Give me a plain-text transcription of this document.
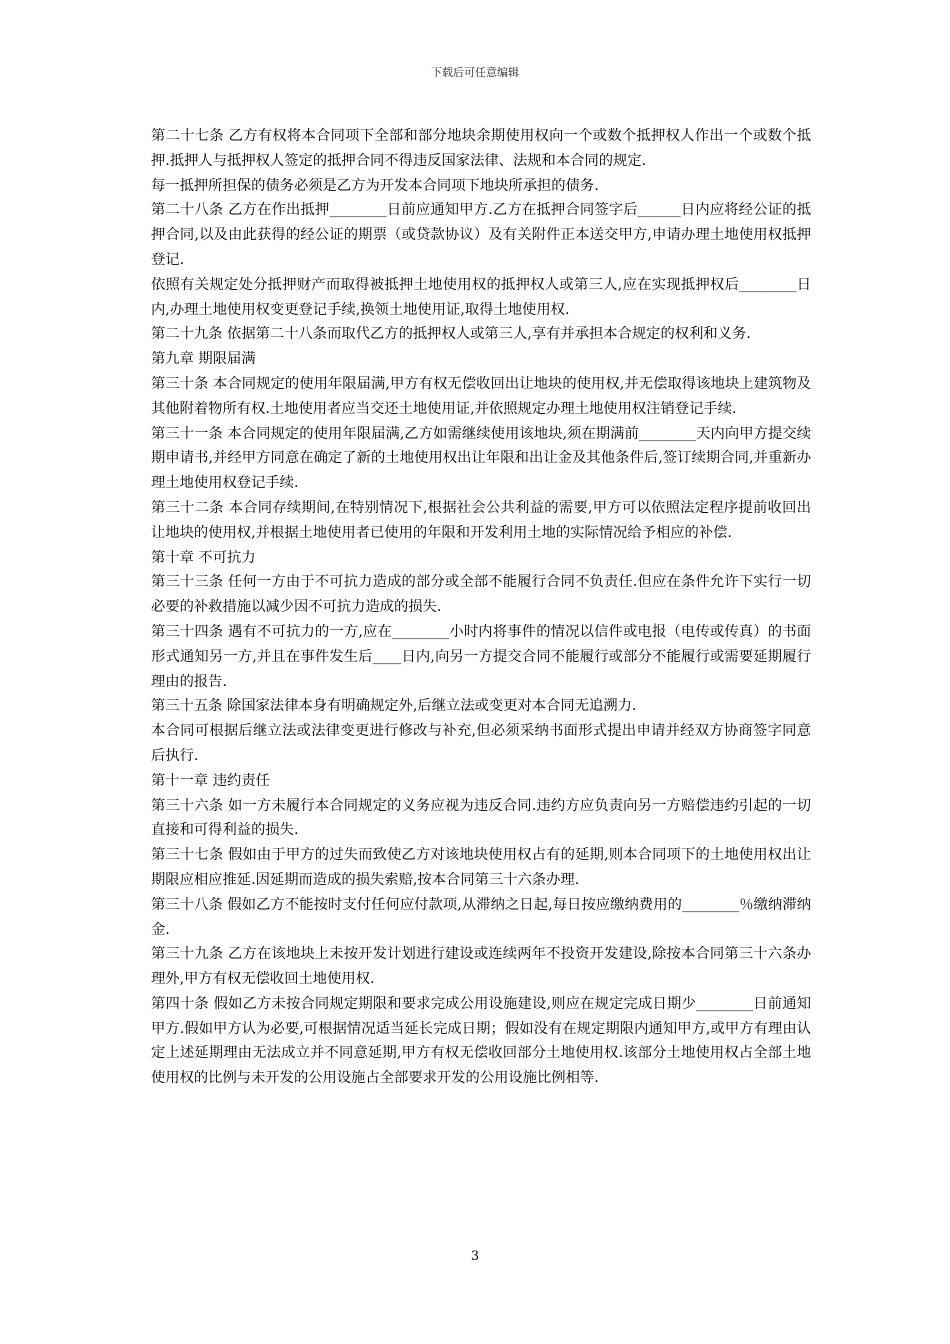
下载后可任意编辑

第二十七条 乙方有权将本合同项下全部和部分地块余期使用权向一个或数个抵押权人作出一个或数个抵押.抵押人与抵押权人签定的抵押合同不得违反国家法律、法规和本合同的规定.

每一抵押所担保的债务必须是乙方为开发本合同项下地块所承担的债务.

第二十八条 乙方在作出抵押________日前应通知甲方.乙方在抵押合同签字后______日内应将经公证的抵押合同,以及由此获得的经公证的期票（或贷款协议）及有关附件正本送交甲方,申请办理土地使用权抵押登记.

依照有关规定处分抵押财产而取得被抵押土地使用权的抵押权人或第三人,应在实现抵押权后________日内,办理土地使用权变更登记手续,换领土地使用证,取得土地使用权.

第二十九条 依据第二十八条而取代乙方的抵押权人或第三人,享有并承担本合规定的权利和义务.

第九章 期限届满

第三十条 本合同规定的使用年限届满,甲方有权无偿收回出让地块的使用权,并无偿取得该地块上建筑物及其他附着物所有权.土地使用者应当交还土地使用证,并依照规定办理土地使用权注销登记手续.

第三十一条 本合同规定的使用年限届满,乙方如需继续使用该地块,须在期满前________天内向甲方提交续期申请书,并经甲方同意在确定了新的土地使用权出让年限和出让金及其他条件后,签订续期合同,并重新办理土地使用权登记手续.

第三十二条 本合同存续期间,在特别情况下,根据社会公共利益的需要,甲方可以依照法定程序提前收回出让地块的使用权,并根据土地使用者已使用的年限和开发利用土地的实际情况给予相应的补偿.

第十章 不可抗力

第三十三条 任何一方由于不可抗力造成的部分或全部不能履行合同不负责任.但应在条件允许下实行一切必要的补救措施以减少因不可抗力造成的损失.

第三十四条 遇有不可抗力的一方,应在________小时内将事件的情况以信件或电报（电传或传真）的书面形式通知另一方,并且在事件发生后____日内,向另一方提交合同不能履行或部分不能履行或需要延期履行理由的报告.

第三十五条 除国家法律本身有明确规定外,后继立法或变更对本合同无追溯力.

本合同可根据后继立法或法律变更进行修改与补充,但必须采纳书面形式提出申请并经双方协商签字同意后执行.

第十一章 违约责任

第三十六条 如一方未履行本合同规定的义务应视为违反合同.违约方应负责向另一方赔偿违约引起的一切直接和可得利益的损失.

第三十七条 假如由于甲方的过失而致使乙方对该地块使用权占有的延期,则本合同项下的土地使用权出让期限应相应推延.因延期而造成的损失索赔,按本合同第三十六条办理.

第三十八条 假如乙方不能按时支付任何应付款项,从滞纳之日起,每日按应缴纳费用的________％缴纳滞纳金.

第三十九条 乙方在该地块上未按开发计划进行建设或连续两年不投资开发建设,除按本合同第三十六条办理外,甲方有权无偿收回土地使用权.

第四十条 假如乙方未按合同规定期限和要求完成公用设施建设,则应在规定完成日期少________日前通知甲方.假如甲方认为必要,可根据情况适当延长完成日期；假如没有在规定期限内通知甲方,或甲方有理由认定上述延期理由无法成立并不同意延期,甲方有权无偿收回部分土地使用权.该部分土地使用权占全部土地使用权的比例与未开发的公用设施占全部要求开发的公用设施比例相等.

3
